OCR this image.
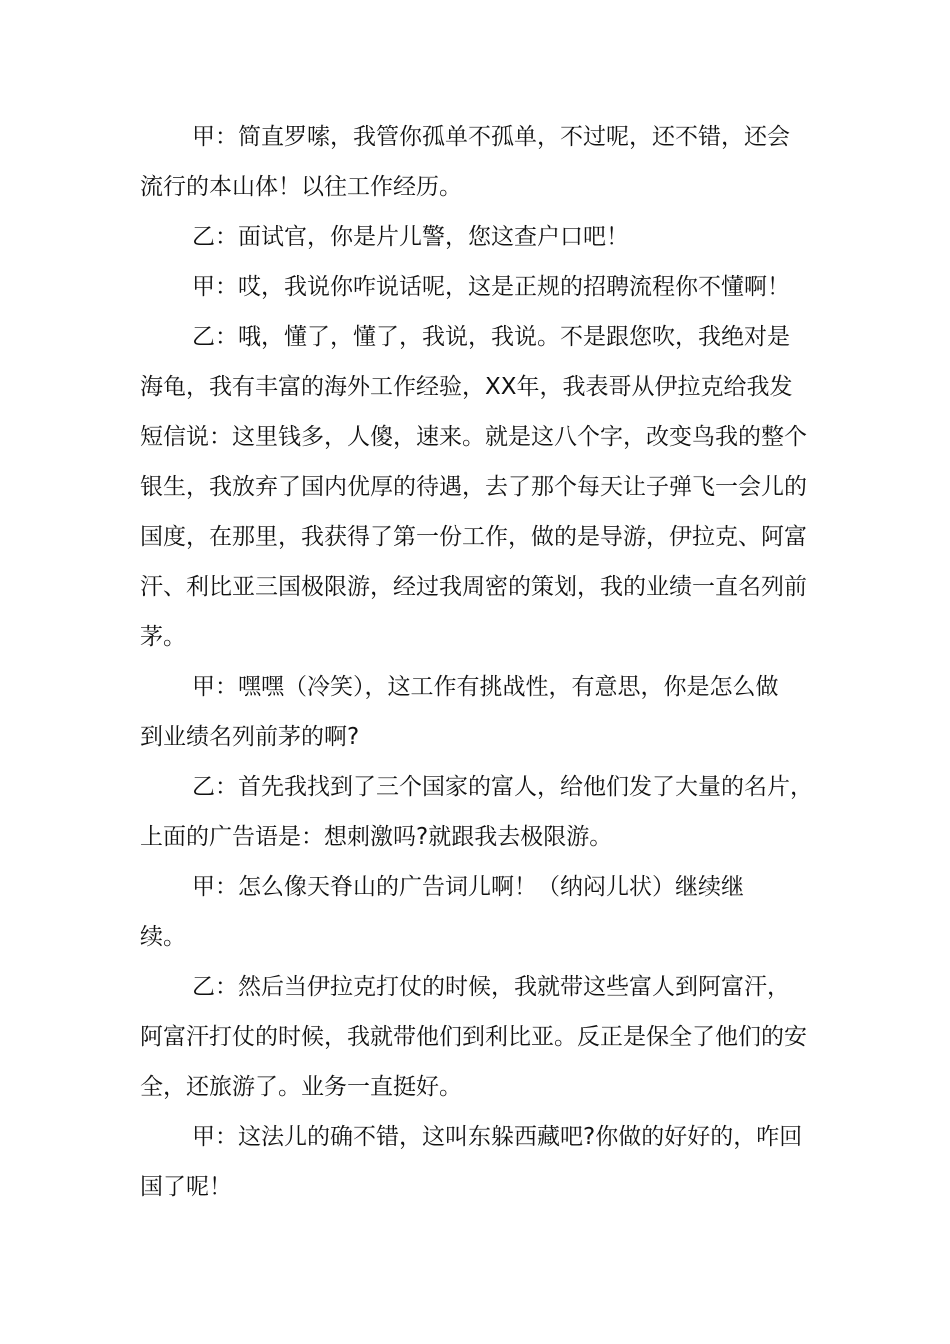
甲：简直罗嗦，我管你孤单不孤单，不过呢，还不错，还会
流行的本山体！以往工作经历。

乙：面试官，你是片儿警，您这查户口吧！

甲：哎，我说你咋说话呢，这是正规的招聘流程你不懂啊！

乙：哦，懂了，懂了，我说，我说。不是跟您吹，我绝对是
海龟，我有丰富的海外工作经验，XX年，我表哥从伊拉克给我发
短信说：这里钱多，人傻，速来。就是这八个字，改变鸟我的整个
银生，我放弃了国内优厚的待遇，去了那个每天让子弹飞一会儿的
国度，在那里，我获得了第一份工作，做的是导游，伊拉克、阿富
汗、利比亚三国极限游，经过我周密的策划，我的业绩一直名列前
茅。

甲：嘿嘿（冷笑），这工作有挑战性，有意思，你是怎么做
到业绩名列前茅的啊?

乙：首先我找到了三个国家的富人，给他们发了大量的名片，
上面的广告语是：想刺激吗?就跟我去极限游。

甲：怎么像天脊山的广告词儿啊！（纳闷儿状）继续继
续。

乙：然后当伊拉克打仗的时候，我就带这些富人到阿富汗，
阿富汗打仗的时候，我就带他们到利比亚。反正是保全了他们的安
全，还旅游了。业务一直挺好。

甲：这法儿的确不错，这叫东躲西藏吧?你做的好好的，咋回
国了呢！
